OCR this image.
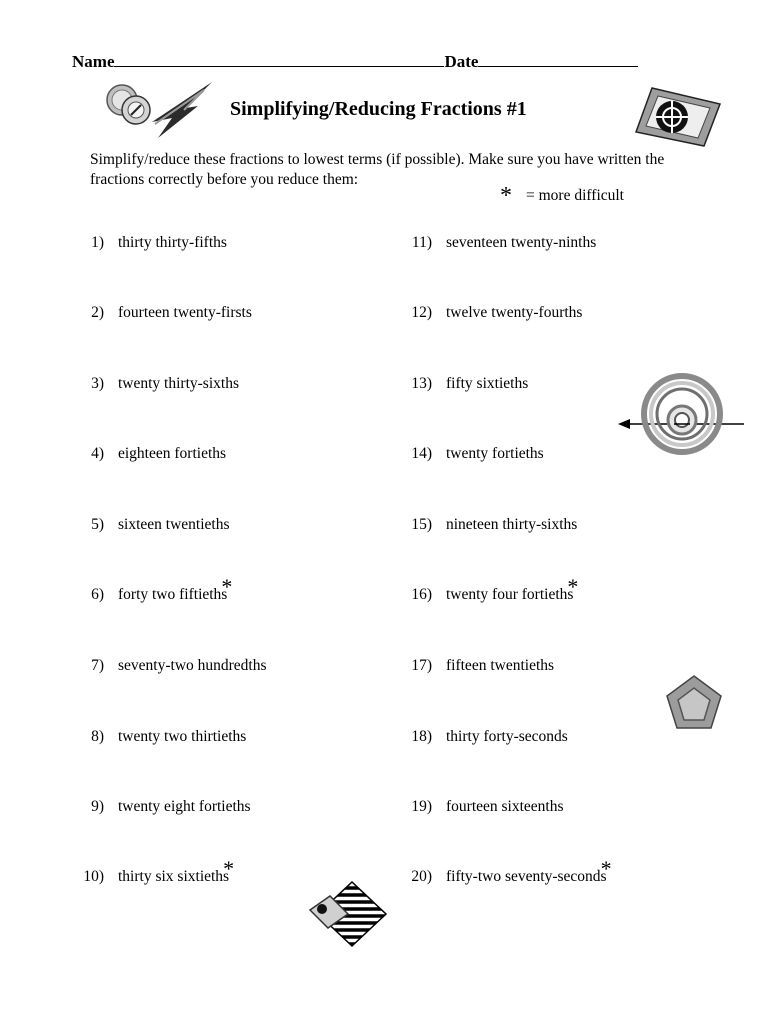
Name	Date
Simplifying/Reducing Fractions #1
Simplify/reduce these fractions to lowest terms (if possible). Make sure you have written the fractions correctly before you reduce them:
* = more difficult
1) thirty thirty-fifths
2) fourteen twenty-firsts
3) twenty thirty-sixths
4) eighteen fortieths
5) sixteen twentieths
6) forty two fiftieths
*
7) seventy-two hundredths
8) twenty two thirtieths
9) twenty eight fortieths
10) thirty six sixtieths
*
11) seventeen twenty-ninths
12) twelve twenty-fourths
13) fifty sixtieths
14) twenty fortieths
15) nineteen thirty-sixths
16) twenty four fortieths
*
17) fifteen twentieths
18) thirty forty-seconds
19) fourteen sixteenths
20) fifty-two seventy-seconds
*
